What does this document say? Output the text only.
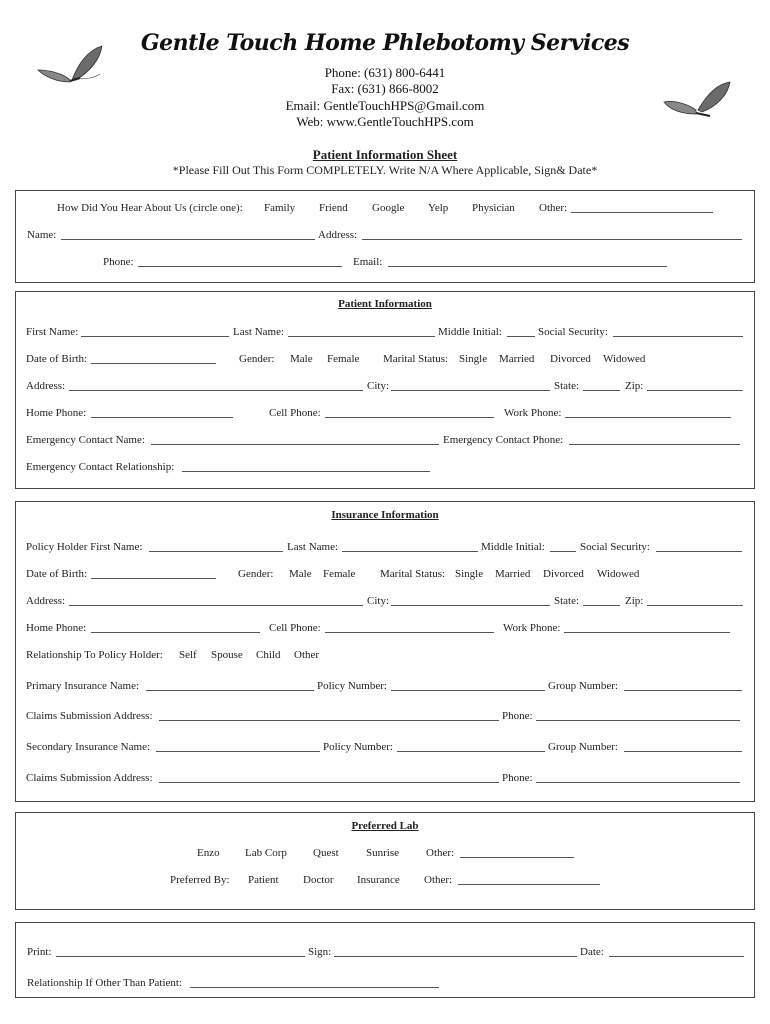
Gentle Touch Home Phlebotomy Services
Phone: (631) 800-6441
Fax: (631) 866-8002
Email: GentleTouchHPS@Gmail.com
Web: www.GentleTouchHPS.com
Patient Information Sheet
*Please Fill Out This Form COMPLETELY. Write N/A Where Applicable, Sign& Date*
How Did You Hear About Us (circle one): Family Friend Google Yelp Physician Other:
Name:	Address:
Phone:	Email:
Patient Information
First Name:	Last Name:	Middle Initial:	Social Security:
Date of Birth:	Gender: Male Female Marital Status: Single Married Divorced Widowed
Address:	City:	State:	Zip:
Home Phone:	Cell Phone:	Work Phone:
Emergency Contact Name:	Emergency Contact Phone:
Emergency Contact Relationship:
Insurance Information
Policy Holder First Name:	Last Name:	Middle Initial:	Social Security:
Date of Birth:	Gender: Male Female Marital Status: Single Married Divorced Widowed
Address:	City:	State:	Zip:
Home Phone:	Cell Phone:	Work Phone:
Relationship To Policy Holder: Self Spouse Child Other
Primary Insurance Name:	Policy Number:	Group Number:
Claims Submission Address:	Phone:
Secondary Insurance Name:	Policy Number:	Group Number:
Claims Submission Address:	Phone:
Preferred Lab
Enzo Lab Corp Quest Sunrise Other:
Preferred By: Patient Doctor Insurance Other:
Print:	Sign:	Date:
Relationship If Other Than Patient:
